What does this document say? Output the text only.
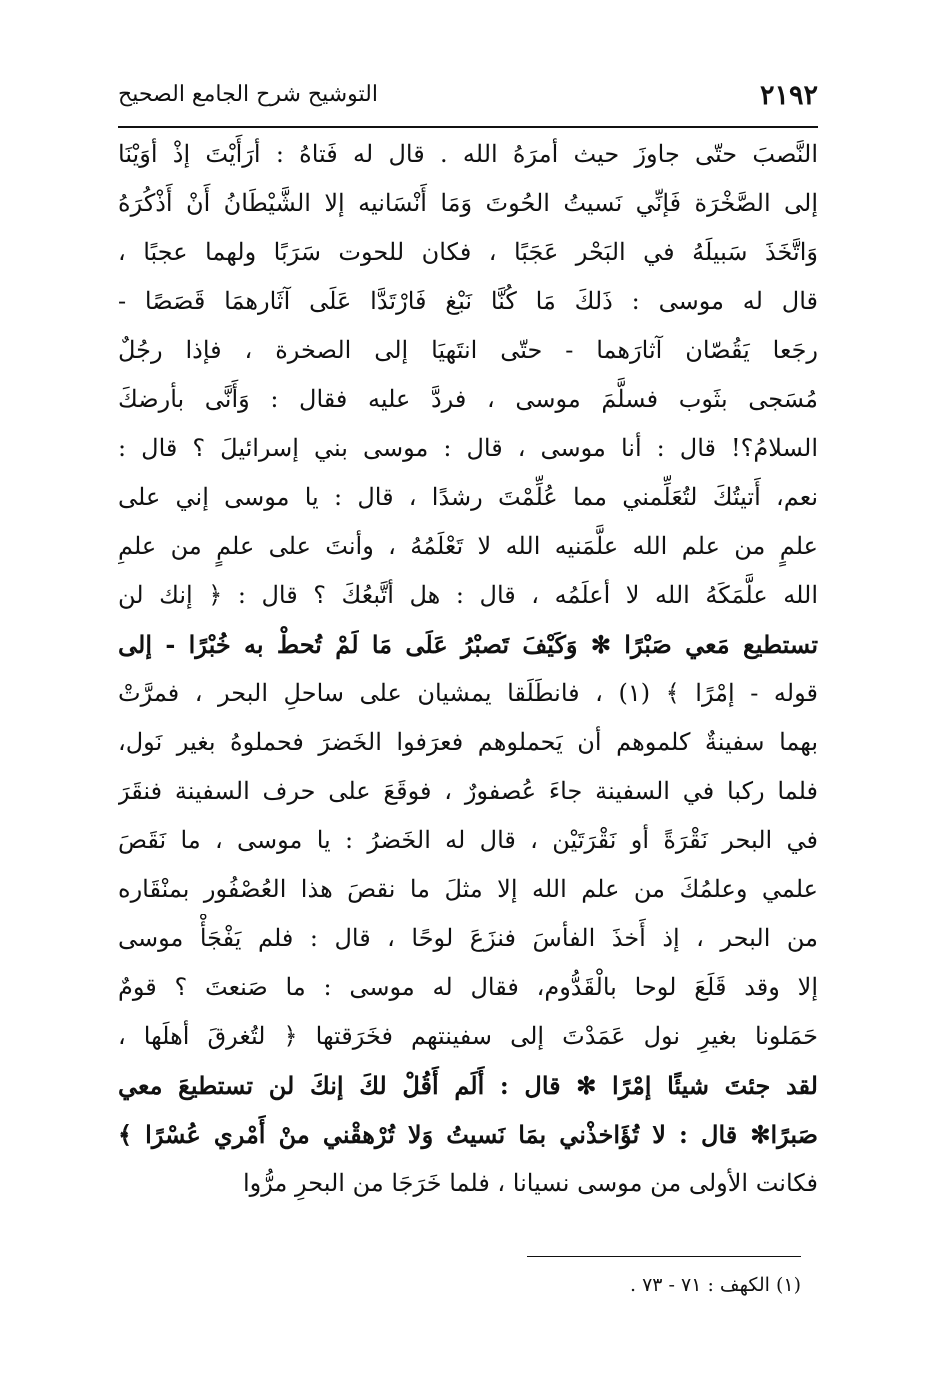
٢١٩٢
التوشيح شرح الجامع الصحيح
النَّصبَ حتّى جاوزَ حيث أمرَهُ الله . قال له فَتاهُ : أرَأَيْتَ إذْ أوَيْنَا
إلى الصَّخْرَة فَإنِّي نَسيتُ الحُوتَ وَمَا أَنْسَانيه إلا الشَّيْطَانُ أَنْ أَذْكُرَهُ
وَاتَّخَذَ سَبيلَهُ في البَحْر عَجَبًا ، فكان للحوت سَرَبًا ولهما عجبًا ،
قال له موسى : ذَلكَ مَا كُنَّا نَبْغ فَارْتَدَّا عَلَى آثَارهمَا قَصَصًا -
رجَعا يَقُصّان آثارَهما - حتّى انتَهيَا إلى الصخرة ، فإذا رجُلٌ
مُسَجى بثَوب فسلَّمَ موسى ، فردَّ عليه فقال : وَأَنَّى بأرضكَ
السلامُ؟! قال : أنا موسى ، قال : موسى بني إسرائيلَ ؟ قال :
نعم، أَتيتُكَ لتُعَلِّمني مما عُلِّمْتَ رشدًا ، قال : يا موسى إني على
علمٍ من علم الله علَّمَنيه الله لا تَعْلَمُهُ ، وأنتَ على علمٍ من علمِ
الله علَّمَكَهُ الله لا أعلَمُه ، قال : هل أتَّبعُكَ ؟ قال : ﴿ إنك لن
تستطيع مَعي صَبْرًا ✻ وَكَيْفَ تَصبْرُ عَلَى مَا لَمْ تُحطْ به خُبْرًا - إلى
قوله - إمْرًا ﴾ (١) ، فانطَلَقا يمشيان على ساحلِ البحر ، فمرَّتْ
بهما سفينةٌ كلموهم أن يَحملوهم فعرَفوا الخَضرَ فحملوهُ بغير نَول،
فلما ركبا في السفينة جاءَ عُصفورٌ ، فوقَعَ على حرف السفينة فنقَرَ
في البحر نَقْرَةً أو نَقْرَتَيْن ، قال له الخَضرُ : يا موسى ، ما نَقَصَ
علمي وعلمُكَ من علم الله إلا مثلَ ما نقصَ هذا العُصْفُور بمنْقَاره
من البحر ، إذ أَخذَ الفأسَ فنزَعَ لوحًا ، قال : فلم يَفْجَأْ موسى
إلا وقد قَلَعَ لوحا بالْقَدُّوم، فقال له موسى : ما صَنعتَ ؟ قومٌ
حَمَلونا بغيرِ نول عَمَدْتَ إلى سفينتهم فخَرَقتها ﴿ لتُغرقَ أهلَها ،
لقد جئتَ شيئًا إمْرًا ✻ قال : أَلَم أَقُلْ لكَ إنكَ لن تستطيعَ معي
صَبرًا✻ قال : لا تُؤَاخذْني بمَا نَسيتُ وَلا تُرْهقْني منْ أَمْري عُسْرًا ﴾
فكانت الأولى من موسى نسيانا ، فلما خَرَجَا من البحرِ مرُّوا
(١) الكهف : ٧١ - ٧٣ .
